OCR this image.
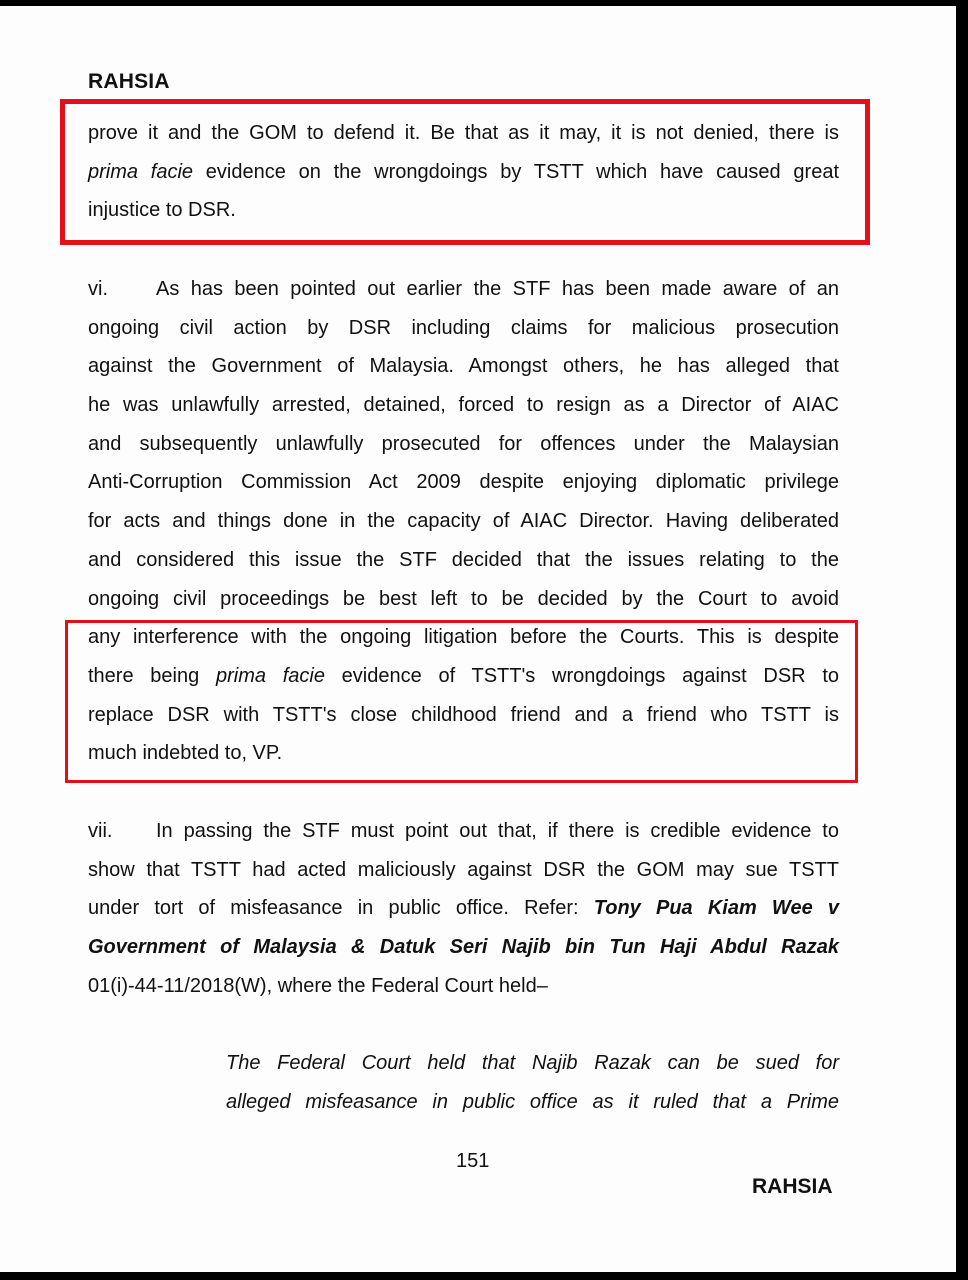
RAHSIA
prove it and the GOM to defend it. Be that as it may, it is not denied, there is
prima facie evidence on the wrongdoings by TSTT which have caused great
injustice to DSR.
vi. As has been pointed out earlier the STF has been made aware of an
ongoing civil action by DSR including claims for malicious prosecution
against the Government of Malaysia. Amongst others, he has alleged that
he was unlawfully arrested, detained, forced to resign as a Director of AIAC
and subsequently unlawfully prosecuted for offences under the Malaysian
Anti-Corruption Commission Act 2009 despite enjoying diplomatic privilege
for acts and things done in the capacity of AIAC Director. Having deliberated
and considered this issue the STF decided that the issues relating to the
ongoing civil proceedings be best left to be decided by the Court to avoid
any interference with the ongoing litigation before the Courts. This is despite
there being prima facie evidence of TSTT's wrongdoings against DSR to
replace DSR with TSTT's close childhood friend and a friend who TSTT is
much indebted to, VP.
vii. In passing the STF must point out that, if there is credible evidence to
show that TSTT had acted maliciously against DSR the GOM may sue TSTT
under tort of misfeasance in public office. Refer: Tony Pua Kiam Wee v
Government of Malaysia & Datuk Seri Najib bin Tun Haji Abdul Razak
01(i)-44-11/2018(W), where the Federal Court held–
The Federal Court held that Najib Razak can be sued for
alleged misfeasance in public office as it ruled that a Prime
151
RAHSIA
